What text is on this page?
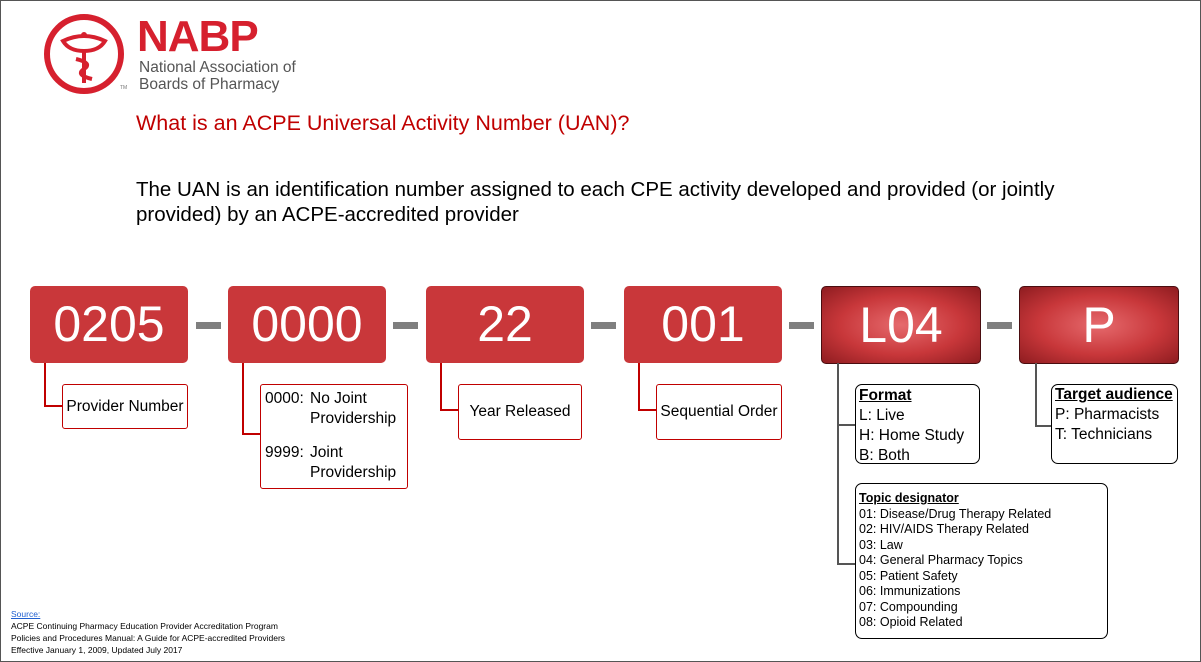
NABP
National Association of
Boards of Pharmacy
TM
What is an ACPE Universal Activity Number (UAN)?
The UAN is an identification number assigned to each CPE activity developed and provided (or jointly provided) by an ACPE-accredited provider
0205	0000	22	001	L04	P
Provider Number	0000: No Joint Providership
9999: Joint Providership
Year Released	Sequential Order
Format
L: Live
H: Home Study
B: Both
Target audience
P: Pharmacists
T: Technicians
Topic designator
01: Disease/Drug Therapy Related
02: HIV/AIDS Therapy Related
03: Law
04: General Pharmacy Topics
05: Patient Safety
06: Immunizations
07: Compounding
08: Opioid Related
Source:
ACPE Continuing Pharmacy Education Provider Accreditation Program
Policies and Procedures Manual: A Guide for ACPE-accredited Providers
Effective January 1, 2009, Updated July 2017
